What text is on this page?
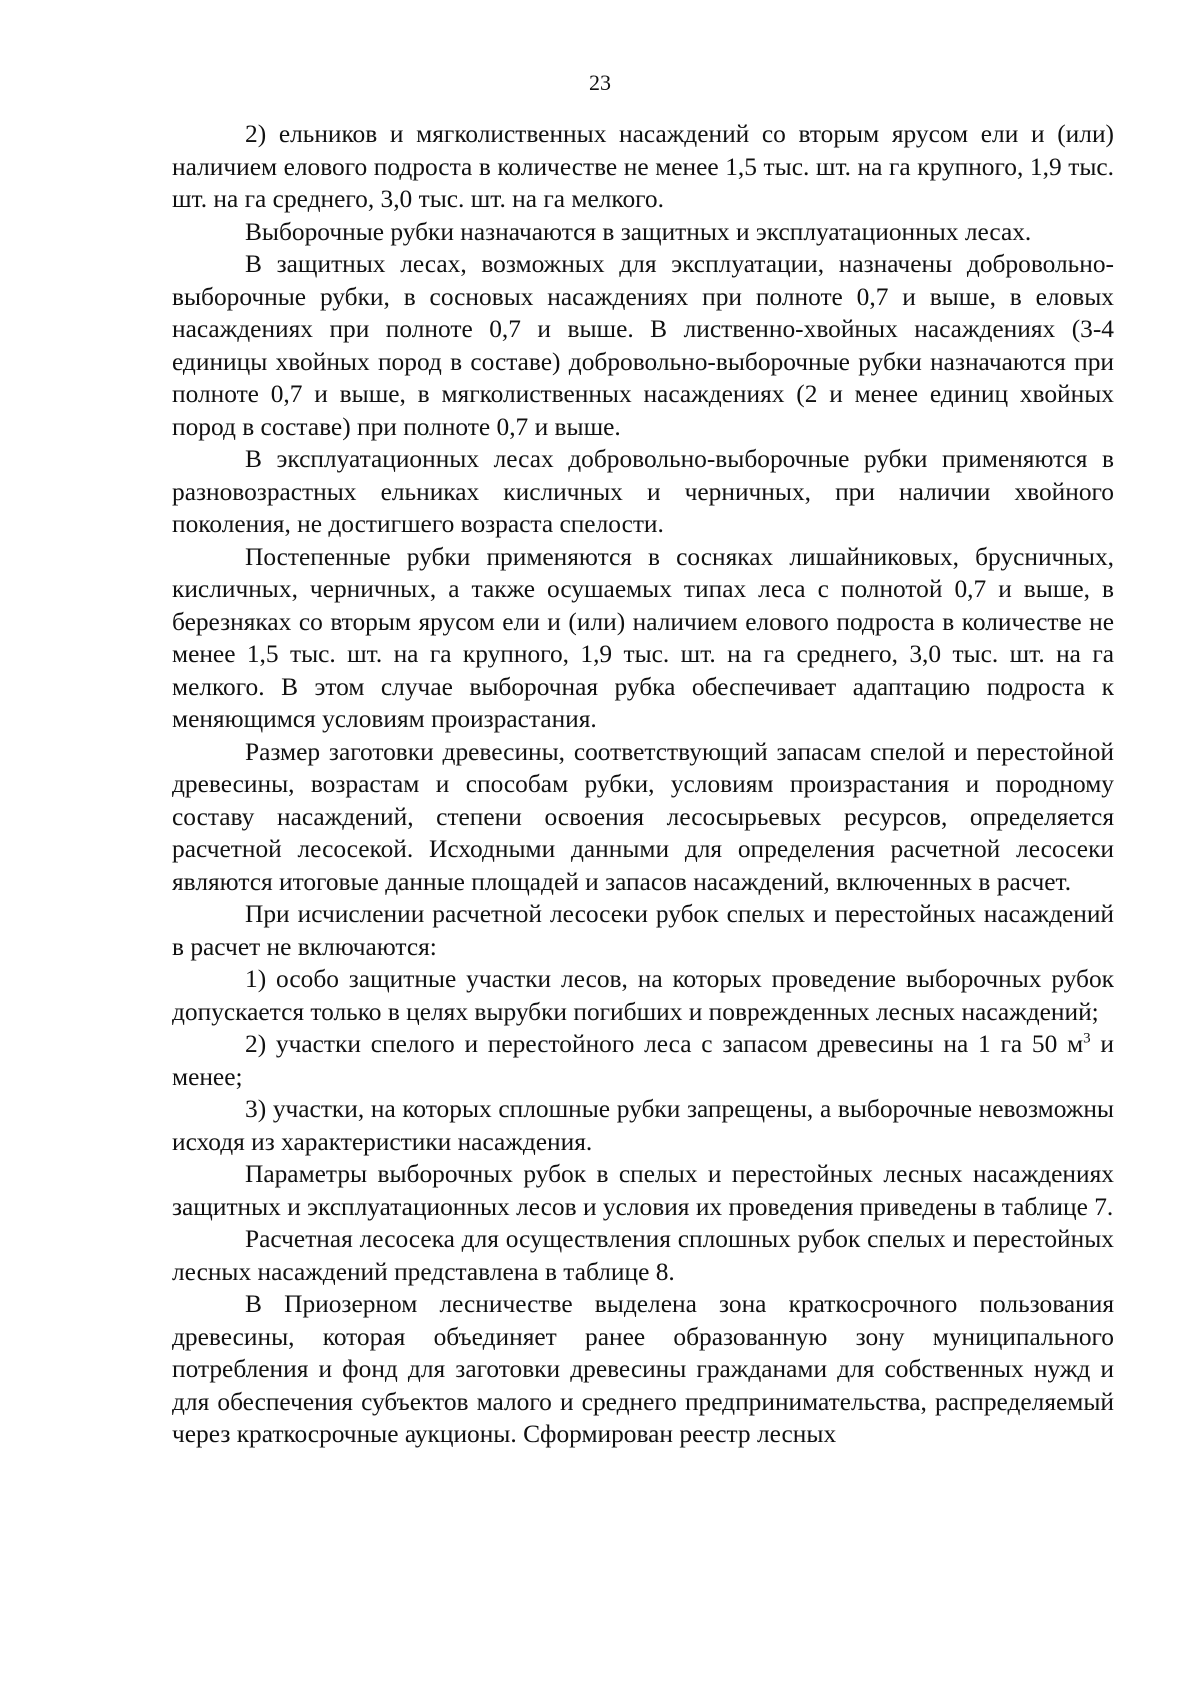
23

2) ельников и мягколиственных насаждений со вторым ярусом ели и (или) наличием елового подроста в количестве не менее 1,5 тыс. шт. на га крупного, 1,9 тыс. шт. на га среднего, 3,0 тыс. шт. на га мелкого.

Выборочные рубки назначаются в защитных и эксплуатационных лесах.

В защитных лесах, возможных для эксплуатации, назначены добровольно-выборочные рубки, в сосновых насаждениях при полноте 0,7 и выше, в еловых насаждениях при полноте 0,7 и выше. В лиственно-хвойных насаждениях (3-4 единицы хвойных пород в составе) добровольно-выборочные рубки назначаются при полноте 0,7 и выше, в мягколиственных насаждениях (2 и менее единиц хвойных пород в составе) при полноте 0,7 и выше.

В эксплуатационных лесах добровольно-выборочные рубки применяются в разновозрастных ельниках кисличных и черничных, при наличии хвойного поколения, не достигшего возраста спелости.

Постепенные рубки применяются в сосняках лишайниковых, брусничных, кисличных, черничных, а также осушаемых типах леса с полнотой 0,7 и выше, в березняках со вторым ярусом ели и (или) наличием елового подроста в количестве не менее 1,5 тыс. шт. на га крупного, 1,9 тыс. шт. на га среднего, 3,0 тыс. шт. на га мелкого. В этом случае выборочная рубка обеспечивает адаптацию подроста к меняющимся условиям произрастания.

Размер заготовки древесины, соответствующий запасам спелой и перестойной древесины, возрастам и способам рубки, условиям произрастания и породному составу насаждений, степени освоения лесосырьевых ресурсов, определяется расчетной лесосекой. Исходными данными для определения расчетной лесосеки являются итоговые данные площадей и запасов насаждений, включенных в расчет.

При исчислении расчетной лесосеки рубок спелых и перестойных насаждений в расчет не включаются:

1) особо защитные участки лесов, на которых проведение выборочных рубок допускается только в целях вырубки погибших и поврежденных лесных насаждений;

2) участки спелого и перестойного леса с запасом древесины на 1 га 50 $м^3$ и менее;

3) участки, на которых сплошные рубки запрещены, а выборочные невозможны исходя из характеристики насаждения.

Параметры выборочных рубок в спелых и перестойных лесных насаждениях защитных и эксплуатационных лесов и условия их проведения приведены в таблице 7.

Расчетная лесосека для осуществления сплошных рубок спелых и перестойных лесных насаждений представлена в таблице 8.

В Приозерном лесничестве выделена зона краткосрочного пользования древесины, которая объединяет ранее образованную зону муниципального потребления и фонд для заготовки древесины гражданами для собственных нужд и для обеспечения субъектов малого и среднего предпринимательства, распределяемый через краткосрочные аукционы. Сформирован реестр лесных
